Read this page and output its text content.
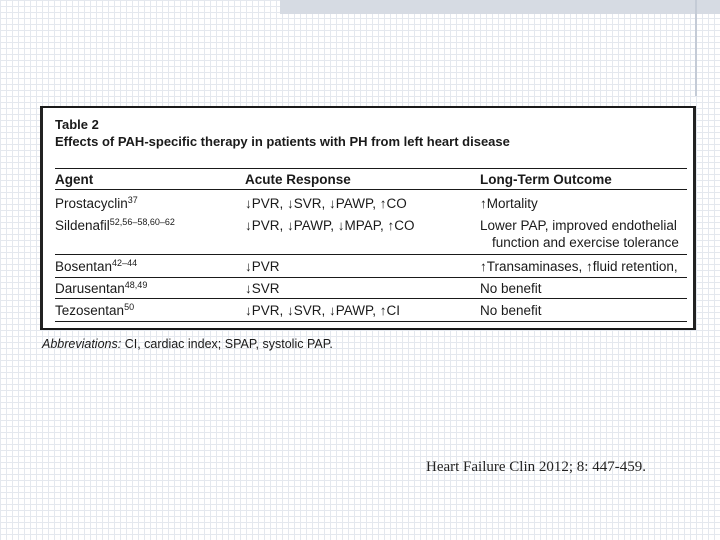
Table 2
Effects of PAH-specific therapy in patients with PH from left heart disease
Agent	Acute Response	Long-Term Outcome
Prostacyclin$^{37}$	↓PVR, ↓SVR, ↓PAWP, ↑CO	↑Mortality
Sildenafil$^{52,56-58,60-62}$	↓PVR, ↓PAWP, ↓MPAP, ↑CO	Lower PAP, improved endothelial
function and exercise tolerance
Bosentan$^{42-44}$	↓PVR	↑Transaminases, ↑fluid retention,
Darusentan$^{48,49}$	↓SVR	No benefit
Tezosentan$^{50}$	↓PVR, ↓SVR, ↓PAWP, ↑CI	No benefit
Abbreviations: CI, cardiac index; SPAP, systolic PAP.
Heart Failure Clin 2012; 8: 447-459.
